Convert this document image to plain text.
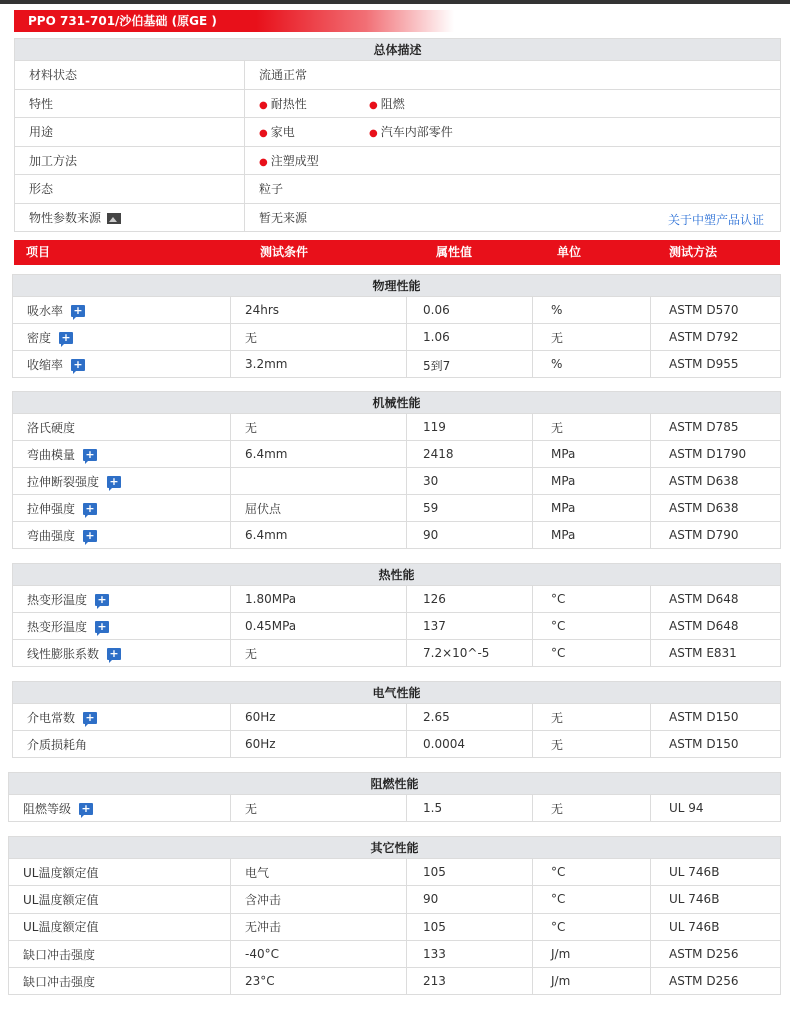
PPO 731-701/沙伯基础 (原GE )
总体描述	
材料状态	流通正常
特性	● 耐热性 ● 阻燃
用途	● 家电 ● 汽车内部零件
加工方法	● 注塑成型
形态	粒子
物性参数来源	暂无来源 关于中塑产品认证
项目	测试条件	属性值	单位	测试方法
物理性能				
吸水率 +	24hrs	0.06	%	ASTM D570
密度 +	无	1.06	无	ASTM D792
收缩率 +	3.2mm	5到7	%	ASTM D955
机械性能				
洛氏硬度	无	119	无	ASTM D785
弯曲模量 +	6.4mm	2418	MPa	ASTM D1790
拉伸断裂强度 +		30	MPa	ASTM D638
拉伸强度 +	屈伏点	59	MPa	ASTM D638
弯曲强度 +	6.4mm	90	MPa	ASTM D790
热性能				
热变形温度 +	1.80MPa	126	°C	ASTM D648
热变形温度 +	0.45MPa	137	°C	ASTM D648
线性膨胀系数 +	无	7.2×10^-5	°C	ASTM E831
电气性能				
介电常数 +	60Hz	2.65	无	ASTM D150
介质损耗角	60Hz	0.0004	无	ASTM D150
阻燃性能
阻燃等级 +	无	1.5	无	UL 94
其它性能				
UL温度额定值	电气	105	°C	UL 746B
UL温度额定值	含冲击	90	°C	UL 746B
UL温度额定值	无冲击	105	°C	UL 746B
缺口冲击强度	-40°C	133	J/m	ASTM D256
缺口冲击强度	23°C	213	J/m	ASTM D256
